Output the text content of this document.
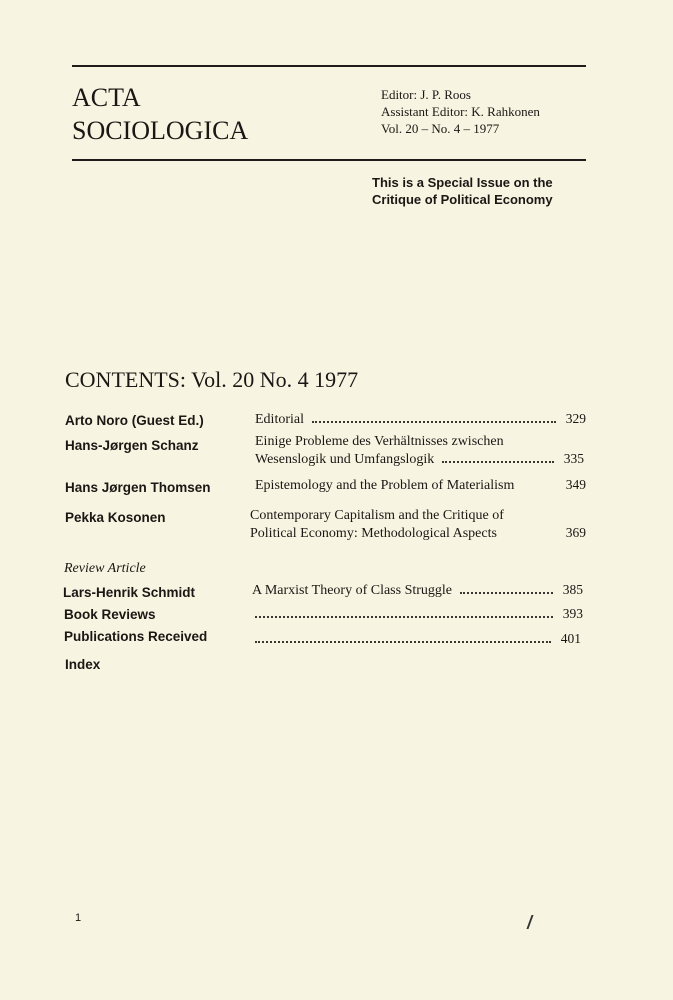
ACTA
SOCIOLOGICA
Editor: J. P. Roos
Assistant Editor: K. Rahkonen
Vol. 20 – No. 4 – 1977
This is a Special Issue on the
Critique of Political Economy
CONTENTS: Vol. 20 No. 4 1977
Arto Noro (Guest Ed.)	Editorial	329
Hans-Jørgen Schanz	Einige Probleme des Verhältnisses zwischen
Wesenslogik und Umfangslogik	335
Hans Jørgen Thomsen	Epistemology and the Problem of Materialism	349
Pekka Kosonen	Contemporary Capitalism and the Critique of
Political Economy: Methodological Aspects	369
Review Article
Lars-Henrik Schmidt	A Marxist Theory of Class Struggle	385
Book Reviews	393
Publications Received	401
Index
1
